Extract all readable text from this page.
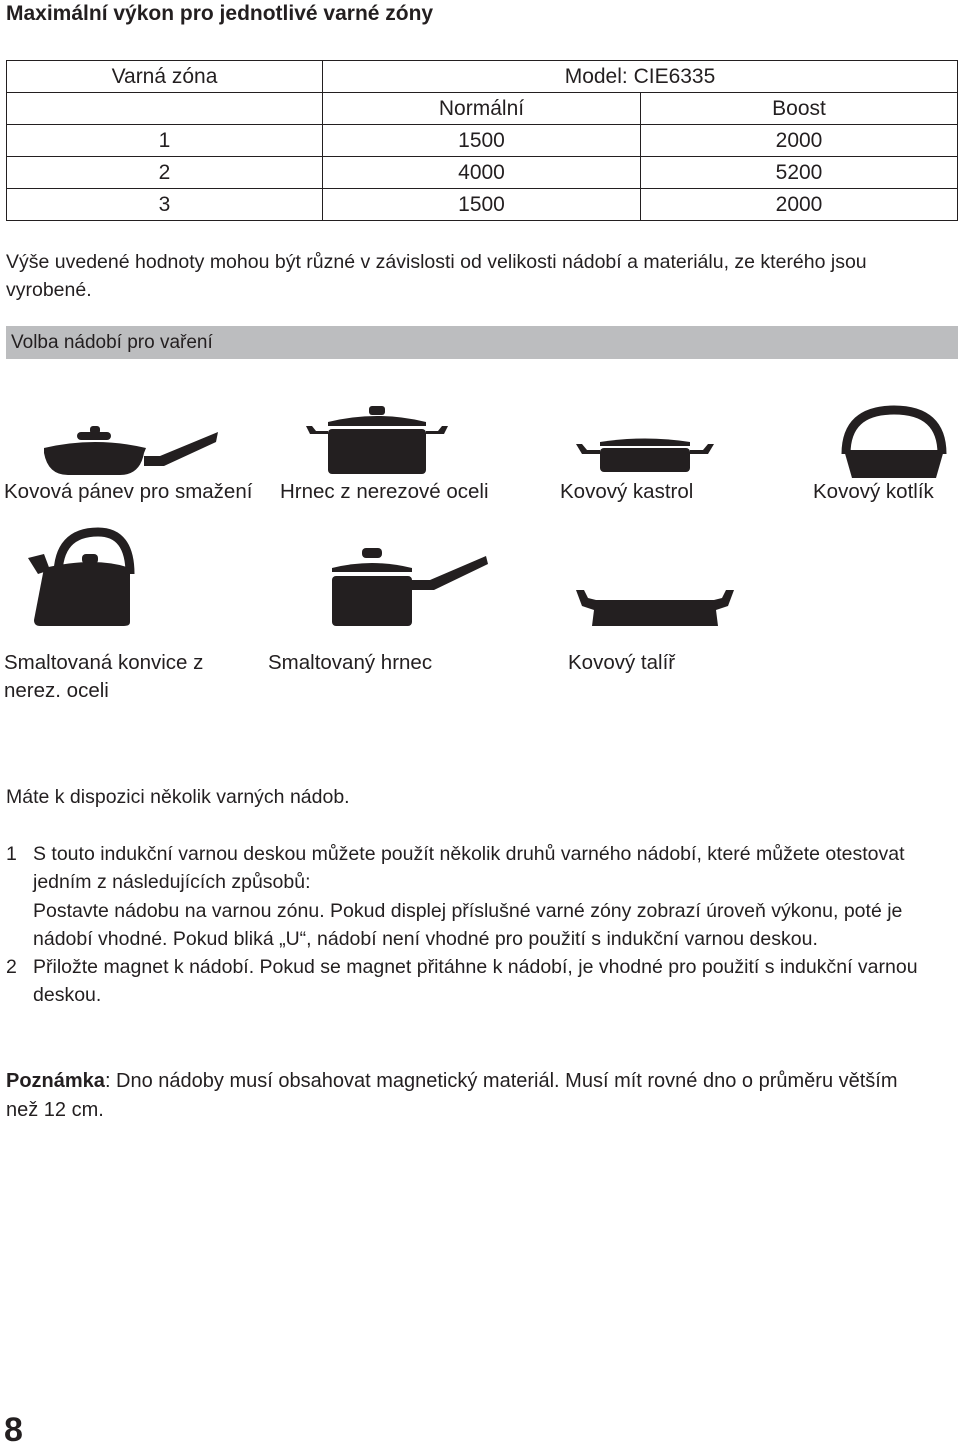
Maximální výkon pro jednotlivé varné zóny
Varná zóna	Model: CIE6335	
	Normální	Boost
1	1500	2000
2	4000	5200
3	1500	2000
Výše uvedené hodnoty mohou být různé v závislosti od velikosti nádobí a materiálu, ze kterého jsou vyrobené.
Volba nádobí pro vaření
Kovová pánev pro smažení Hrnec z nerezové oceli	Kovový kastrol	Kovový kotlík
Smaltovaná konvice z nerez. oceli
Smaltovaný hrnec	Kovový talíř
Máte k dispozici několik varných nádob.
1 S touto indukční varnou deskou můžete použít několik druhů varného nádobí, které můžete otestovat jedním z následujících způsobů:
Postavte nádobu na varnou zónu. Pokud displej příslušné varné zóny zobrazí úroveň výkonu, poté je nádobí vhodné. Pokud bliká „U“, nádobí není vhodné pro použití s indukční varnou deskou.
2 Přiložte magnet k nádobí. Pokud se magnet přitáhne k nádobí, je vhodné pro použití s indukční varnou deskou.
Poznámka: Dno nádoby musí obsahovat magnetický materiál. Musí mít rovné dno o průměru větším než 12 cm.
8
